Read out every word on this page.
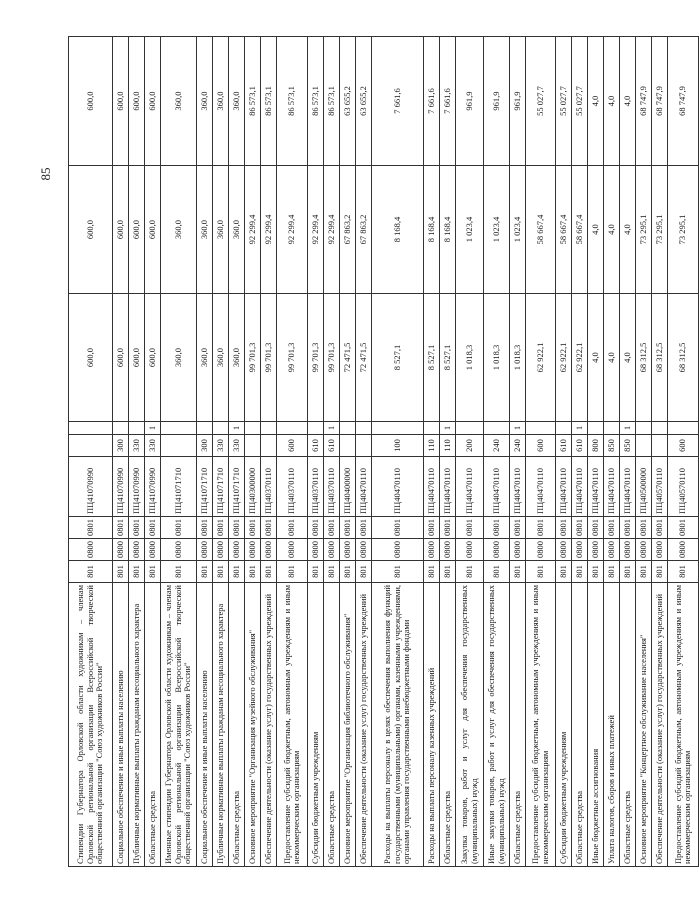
85
Стипендии Губернатора Орловской области художникам – членам Орловской региональной организации Всероссийской творческой общественной организации "Союз художников России"	801	0800	0801	ПЦ41070990			600,0	600,0	600,0
Социальное обеспечение и иные выплаты населению	801	0800	0801	ПЦ41070990	300		600,0	600,0	600,0
Публичные нормативные выплаты гражданам несоциального характера	801	0800	0801	ПЦ41070990	330		600,0	600,0	600,0
Областные средства	801	0800	0801	ПЦ41070990	330	1	600,0	600,0	600,0
Именные стипендии Губернатора Орловской области художникам – членам Орловской региональной организации Всероссийской творческой общественной организации "Союз художников России"	801	0800	0801	ПЦ41071710			360,0	360,0	360,0
Социальное обеспечение и иные выплаты населению	801	0800	0801	ПЦ41071710	300		360,0	360,0	360,0
Публичные нормативные выплаты гражданам несоциального характера	801	0800	0801	ПЦ41071710	330		360,0	360,0	360,0
Областные средства	801	0800	0801	ПЦ41071710	330	1	360,0	360,0	360,0
Основное мероприятие "Организация музейного обслуживания"	801	0800	0801	ПЦ40300000			99 701,3	92 299,4	86 573,1
Обеспечение деятельности (оказание услуг) государственных учреждений	801	0800	0801	ПЦ40370110			99 701,3	92 299,4	86 573,1
Предоставление субсидий бюджетным, автономным учреждениям и иным некоммерческим организациям	801	0800	0801	ПЦ40370110	600		99 701,3	92 299,4	86 573,1
Субсидии бюджетным учреждениям	801	0800	0801	ПЦ40370110	610		99 701,3	92 299,4	86 573,1
Областные средства	801	0800	0801	ПЦ40370110	610	1	99 701,3	92 299,4	86 573,1
Основное мероприятие "Организация библиотечного обслуживания"	801	0800	0801	ПЦ40400000			72 471,5	67 863,2	63 655,2
Обеспечение деятельности (оказание услуг) государственных учреждений	801	0800	0801	ПЦ40470110			72 471,5	67 863,2	63 655,2
Расходы на выплаты персоналу в целях обеспечения выполнения функций государственными (муниципальными) органами, казенными учреждениями, органами управления государственными внебюджетными фондами	801	0800	0801	ПЦ40470110	100		8 527,1	8 168,4	7 661,6
Расходы на выплаты персоналу казенных учреждений	801	0800	0801	ПЦ40470110	110		8 527,1	8 168,4	7 661,6
Областные средства	801	0800	0801	ПЦ40470110	110	1	8 527,1	8 168,4	7 661,6
Закупка товаров, работ и услуг для обеспечения государственных (муниципальных) нужд	801	0800	0801	ПЦ40470110	200		1 018,3	1 023,4	961,9
Иные закупки товаров, работ и услуг для обеспечения государственных (муниципальных) нужд	801	0800	0801	ПЦ40470110	240		1 018,3	1 023,4	961,9
Областные средства	801	0800	0801	ПЦ40470110	240	1	1 018,3	1 023,4	961,9
Предоставление субсидий бюджетным, автономным учреждениям и иным некоммерческим организациям	801	0800	0801	ПЦ40470110	600		62 922,1	58 667,4	55 027,7
Субсидии бюджетным учреждениям	801	0800	0801	ПЦ40470110	610		62 922,1	58 667,4	55 027,7
Областные средства	801	0800	0801	ПЦ40470110	610	1	62 922,1	58 667,4	55 027,7
Иные бюджетные ассигнования	801	0800	0801	ПЦ40470110	800		4,0	4,0	4,0
Уплата налогов, сборов и иных платежей	801	0800	0801	ПЦ40470110	850		4,0	4,0	4,0
Областные средства	801	0800	0801	ПЦ40470110	850	1	4,0	4,0	4,0
Основное мероприятие "Концертное обслуживание населения"	801	0800	0801	ПЦ40500000			68 312,5	73 295,1	68 747,9
Обеспечение деятельности (оказание услуг) государственных учреждений	801	0800	0801	ПЦ40570110			68 312,5	73 295,1	68 747,9
Предоставление субсидий бюджетным, автономным учреждениям и иным некоммерческим организациям	801	0800	0801	ПЦ40570110	600		68 312,5	73 295,1	68 747,9
